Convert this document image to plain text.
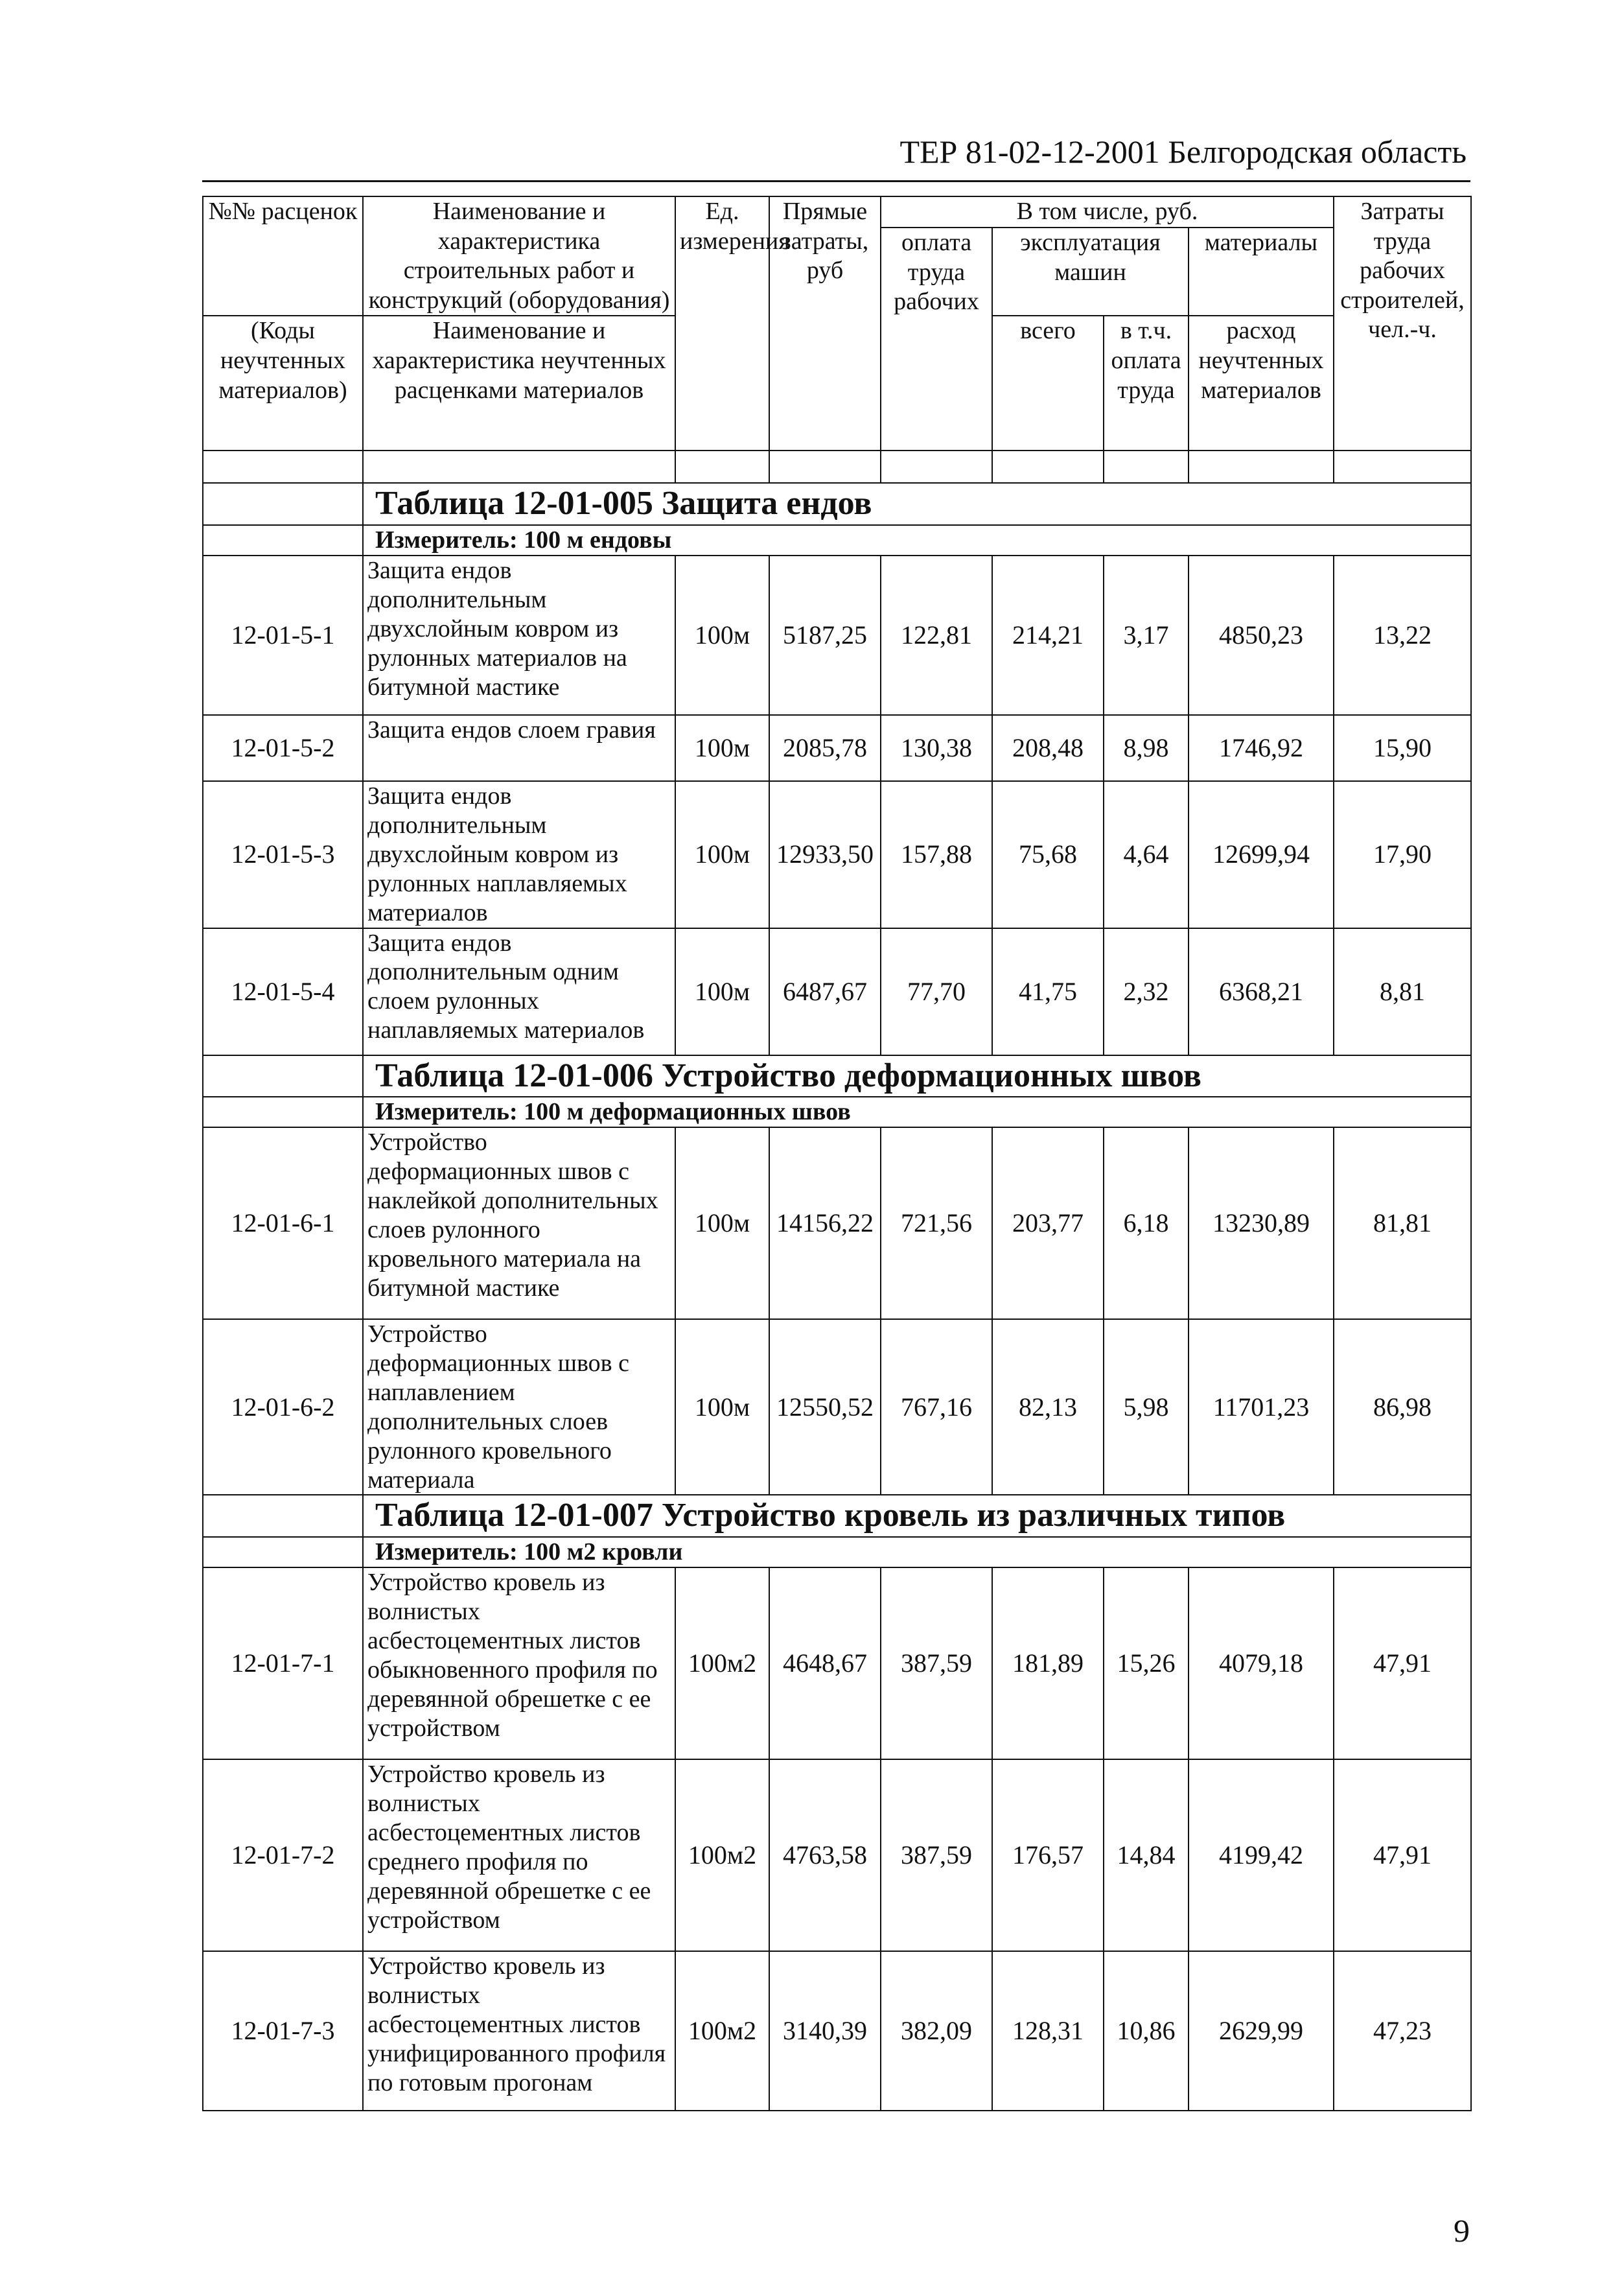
ТЕР 81-02-12-2001 Белгородская область
№№ расценок	Наименование и характеристика строительных работ и конструкций (оборудования)	Ед. измерения	Прямые затраты, руб	В том числе, руб.				Затраты труда рабочих строителей, чел.-ч.
				оплата труда рабочих	эксплуатация машин		материалы	

(Коды неучтенных материалов)	Наименование и характеристика неучтенных расценками материалов				всего	в т.ч. оплата труда	расход неучтенных материалов	

	Таблица 12-01-005 Защита ендов							
	Измеритель: 100 м ендовы							
12-01-5-1	Защита ендов дополнительным двухслойным ковром из рулонных материалов на битумной мастике	100м	5187,25	122,81	214,21	3,17	4850,23	13,22
12-01-5-2	Защита ендов слоем гравия	100м	2085,78	130,38	208,48	8,98	1746,92	15,90
12-01-5-3	Защита ендов дополнительным двухслойным ковром из рулонных наплавляемых материалов	100м	12933,50	157,88	75,68	4,64	12699,94	17,90
12-01-5-4	Защита ендов дополнительным одним слоем рулонных наплавляемых материалов	100м	6487,67	77,70	41,75	2,32	6368,21	8,81
	Таблица 12-01-006 Устройство деформационных швов							
	Измеритель: 100 м деформационных швов							
12-01-6-1	Устройство деформационных швов с наклейкой дополнительных слоев рулонного кровельного материала на битумной мастике	100м	14156,22	721,56	203,77	6,18	13230,89	81,81
12-01-6-2	Устройство деформационных швов с наплавлением дополнительных слоев рулонного кровельного материала	100м	12550,52	767,16	82,13	5,98	11701,23	86,98
	Таблица 12-01-007 Устройство кровель из различных типов							
	Измеритель: 100 м2 кровли							
12-01-7-1	Устройство кровель из волнистых асбестоцементных листов обыкновенного профиля по деревянной обрешетке с ее устройством	100м2	4648,67	387,59	181,89	15,26	4079,18	47,91
12-01-7-2	Устройство кровель из волнистых асбестоцементных листов среднего профиля по деревянной обрешетке с ее устройством	100м2	4763,58	387,59	176,57	14,84	4199,42	47,91
12-01-7-3	Устройство кровель из волнистых асбестоцементных листов унифицированного профиля по готовым прогонам	100м2	3140,39	382,09	128,31	10,86	2629,99	47,23
9
